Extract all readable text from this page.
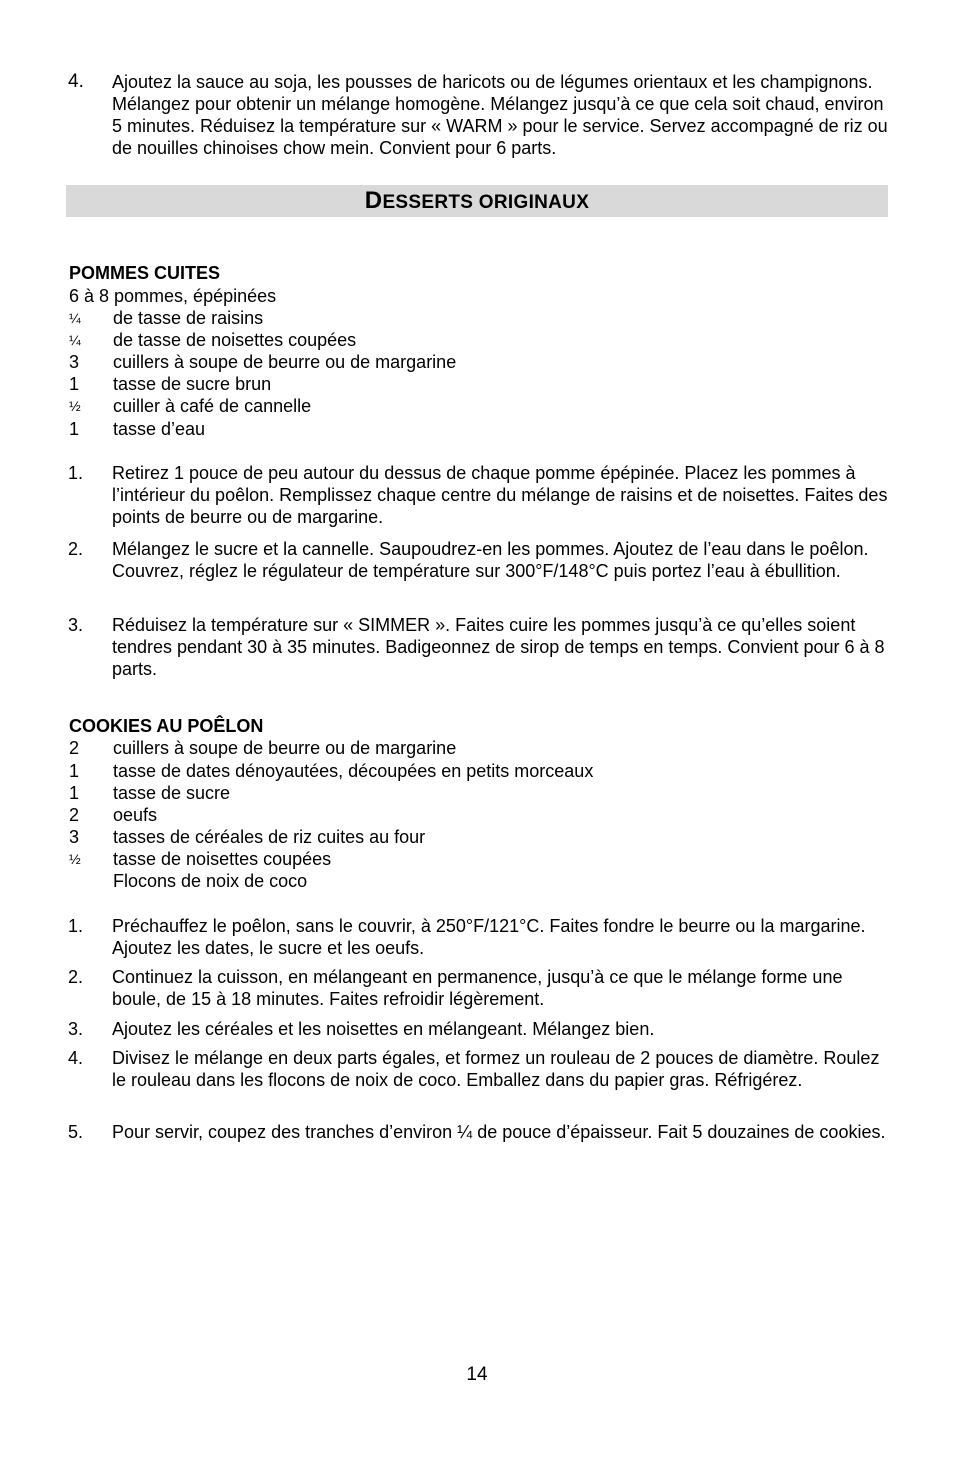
4.	Ajoutez la sauce au soja, les pousses de haricots ou de légumes orientaux et les champignons. Mélangez pour obtenir un mélange homogène. Mélangez jusqu’à ce que cela soit chaud, environ 5 minutes. Réduisez la température sur « WARM » pour le service. Servez accompagné de riz ou de nouilles chinoises chow mein. Convient pour 6 parts.
DESSERTS ORIGINAUX
POMMES CUITES
6 à 8 pommes, épépinées
¼	de tasse de raisins
¼	de tasse de noisettes coupées
3	cuillers à soupe de beurre ou de margarine
1	tasse de sucre brun
½	cuiller à café de cannelle
1	tasse d’eau
1.	Retirez 1 pouce de peu autour du dessus de chaque pomme épépinée. Placez les pommes à l’intérieur du poêlon. Remplissez chaque centre du mélange de raisins et de noisettes. Faites des points de beurre ou de margarine.
2.	Mélangez le sucre et la cannelle. Saupoudrez-en les pommes. Ajoutez de l’eau dans le poêlon. Couvrez, réglez le régulateur de température sur 300°F/148°C puis portez l’eau à ébullition.
3.	Réduisez la température sur « SIMMER ». Faites cuire les pommes jusqu’à ce qu’elles soient tendres pendant 30 à 35 minutes. Badigeonnez de sirop de temps en temps. Convient pour 6 à 8 parts.
COOKIES AU POÊLON
2	cuillers à soupe de beurre ou de margarine
1	tasse de dates dénoyautées, découpées en petits morceaux
1	tasse de sucre
2	oeufs
3	tasses de céréales de riz cuites au four
½	tasse de noisettes coupées
Flocons de noix de coco
1.	Préchauffez le poêlon, sans le couvrir, à 250°F/121°C. Faites fondre le beurre ou la margarine. Ajoutez les dates, le sucre et les oeufs.
2.	Continuez la cuisson, en mélangeant en permanence, jusqu’à ce que le mélange forme une boule, de 15 à 18 minutes. Faites refroidir légèrement.
3.	Ajoutez les céréales et les noisettes en mélangeant. Mélangez bien.
4.	Divisez le mélange en deux parts égales, et formez un rouleau de 2 pouces de diamètre. Roulez le rouleau dans les flocons de noix de coco. Emballez dans du papier gras. Réfrigérez.
5.	Pour servir, coupez des tranches d’environ ¼ de pouce d’épaisseur. Fait 5 douzaines de cookies.
14
